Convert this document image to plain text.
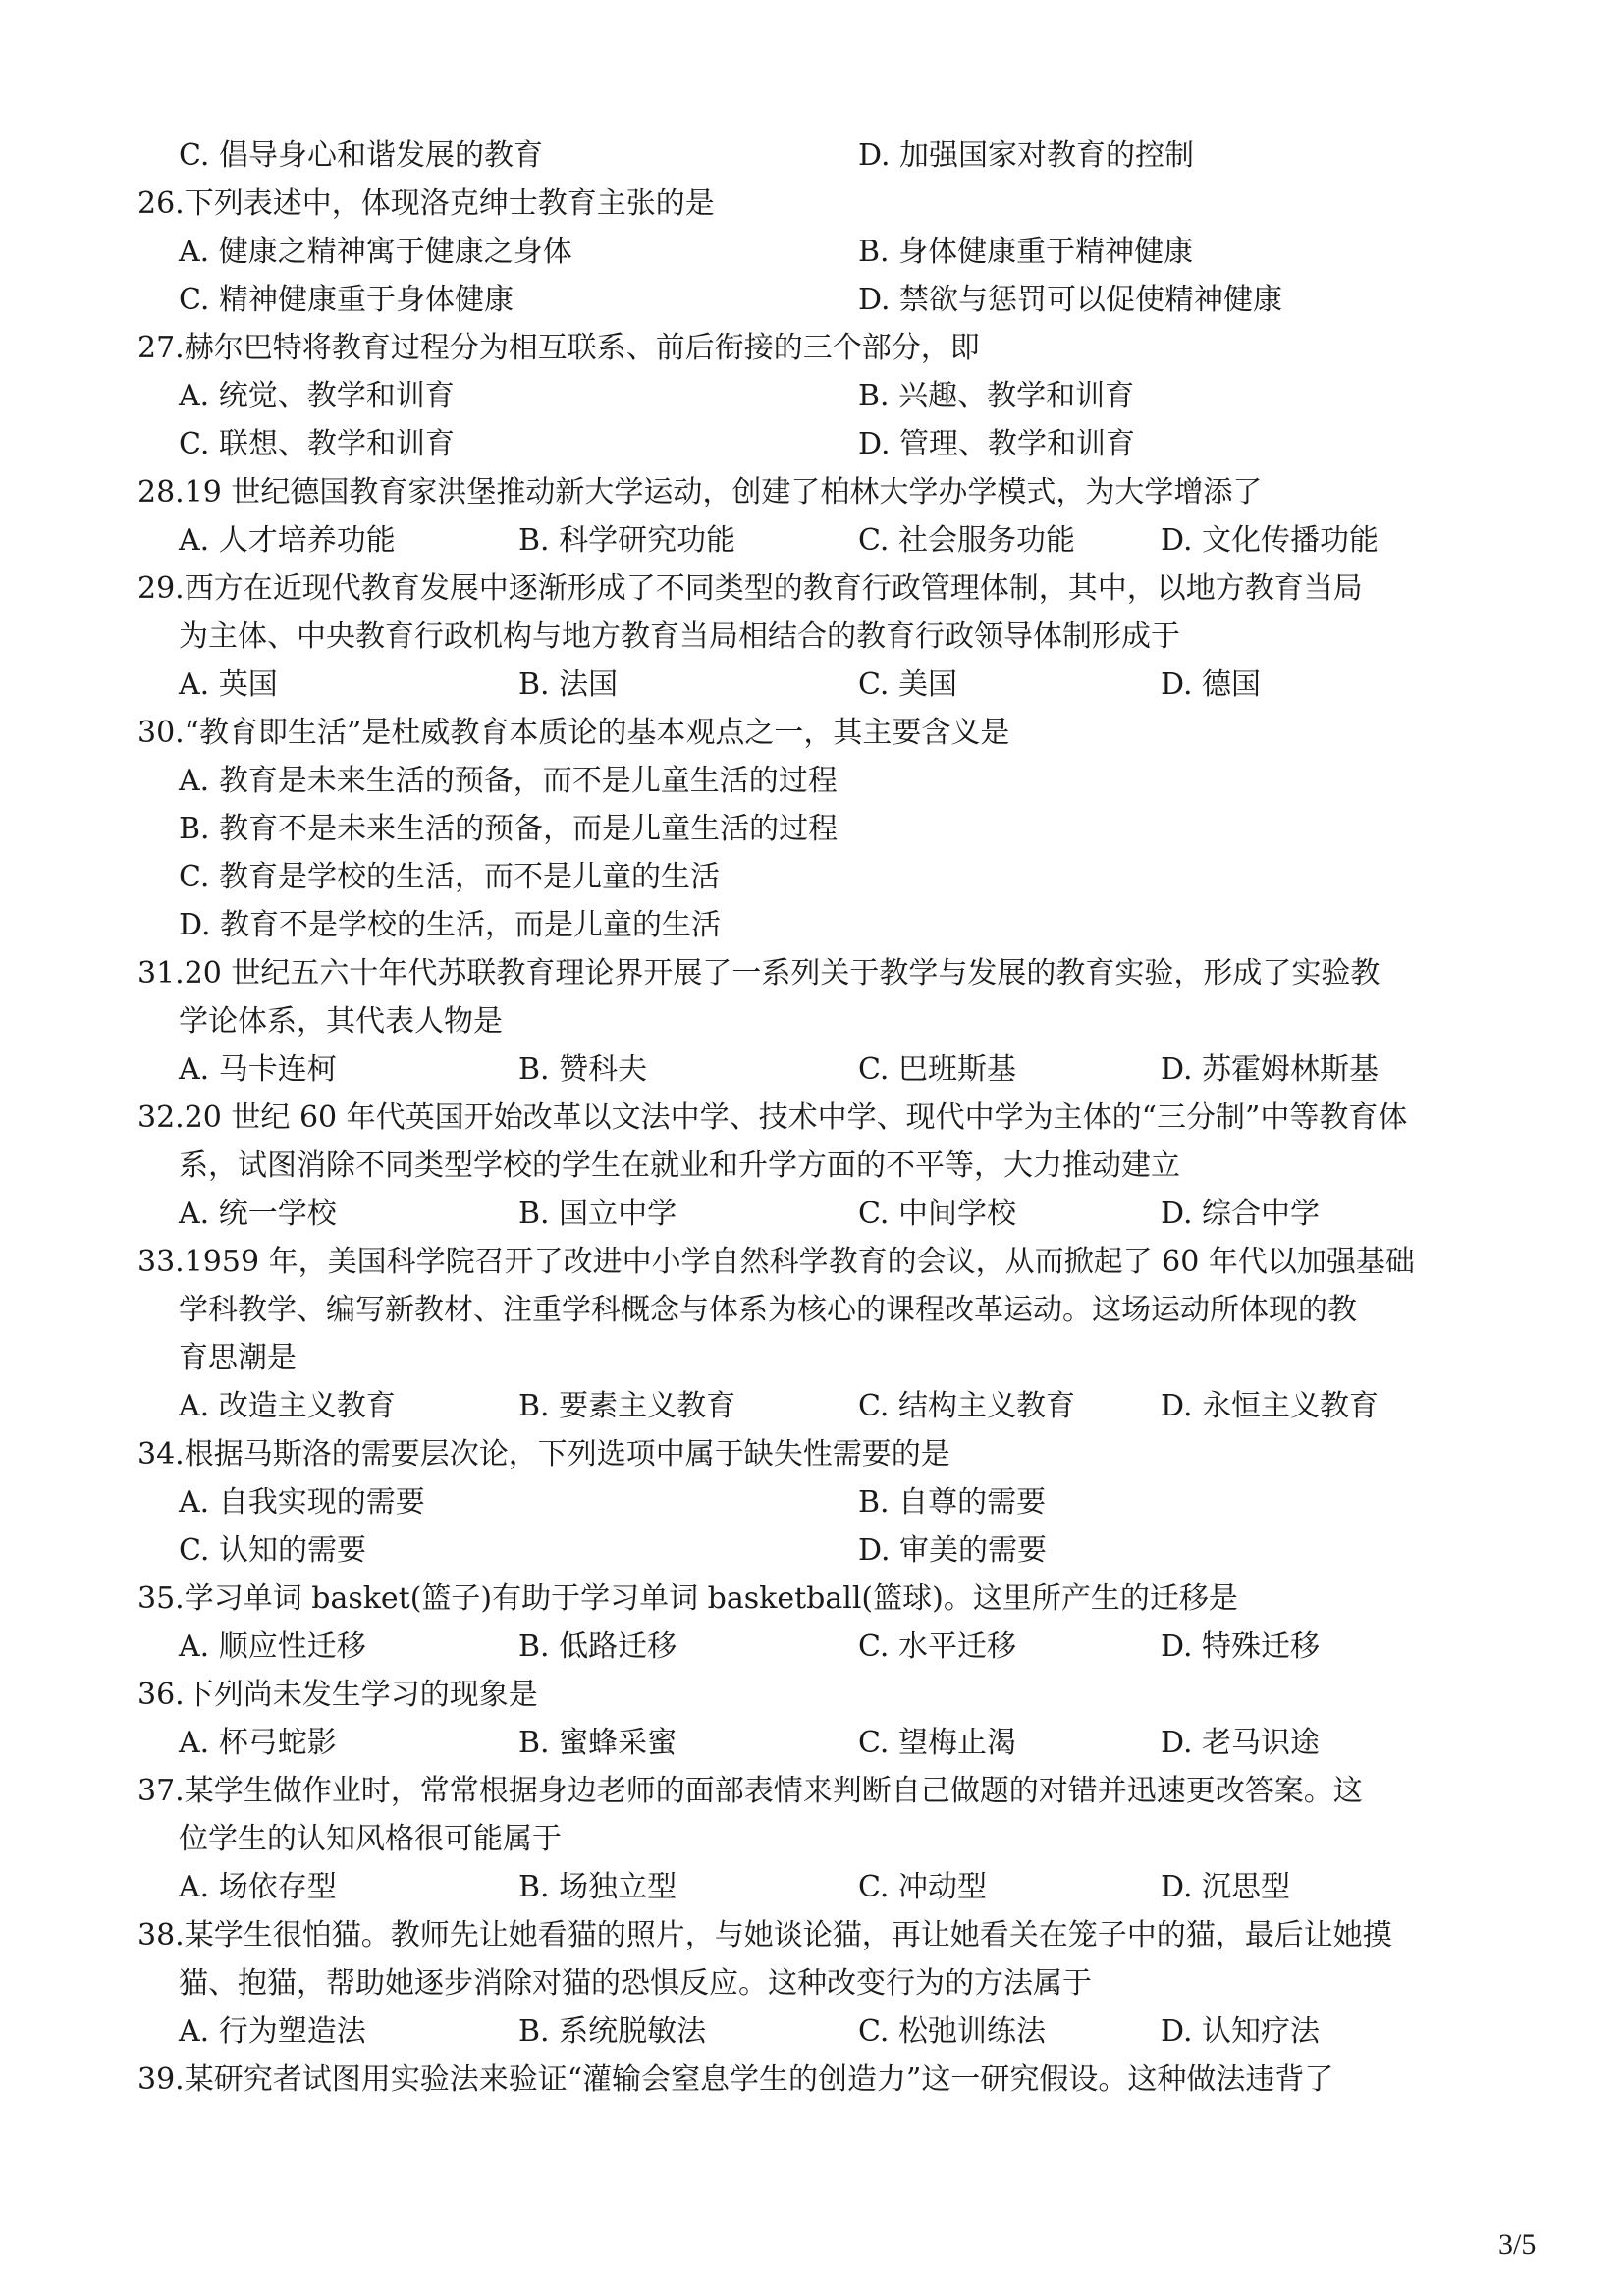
C. 倡导身心和谐发展的教育	D. 加强国家对教育的控制
26.下列表述中，体现洛克绅士教育主张的是
A. 健康之精神寓于健康之身体	B. 身体健康重于精神健康
C. 精神健康重于身体健康	D. 禁欲与惩罚可以促使精神健康
27.赫尔巴特将教育过程分为相互联系、前后衔接的三个部分，即
A. 统觉、教学和训育	B. 兴趣、教学和训育
C. 联想、教学和训育	D. 管理、教学和训育
28.19 世纪德国教育家洪堡推动新大学运动，创建了柏林大学办学模式，为大学增添了
A. 人才培养功能	B. 科学研究功能	C. 社会服务功能	D. 文化传播功能
29.西方在近现代教育发展中逐渐形成了不同类型的教育行政管理体制，其中，以地方教育当局
为主体、中央教育行政机构与地方教育当局相结合的教育行政领导体制形成于
A. 英国	B. 法国	C. 美国	D. 德国
30.“教育即生活”是杜威教育本质论的基本观点之一，其主要含义是
A. 教育是未来生活的预备，而不是儿童生活的过程
B. 教育不是未来生活的预备，而是儿童生活的过程
C. 教育是学校的生活，而不是儿童的生活
D. 教育不是学校的生活，而是儿童的生活
31.20 世纪五六十年代苏联教育理论界开展了一系列关于教学与发展的教育实验，形成了实验教
学论体系，其代表人物是
A. 马卡连柯	B. 赞科夫	C. 巴班斯基	D. 苏霍姆林斯基
32.20 世纪 60 年代英国开始改革以文法中学、技术中学、现代中学为主体的“三分制”中等教育体
系，试图消除不同类型学校的学生在就业和升学方面的不平等，大力推动建立
A. 统一学校	B. 国立中学	C. 中间学校	D. 综合中学
33.1959 年，美国科学院召开了改进中小学自然科学教育的会议，从而掀起了 60 年代以加强基础
学科教学、编写新教材、注重学科概念与体系为核心的课程改革运动。这场运动所体现的教
育思潮是
A. 改造主义教育	B. 要素主义教育	C. 结构主义教育	D. 永恒主义教育
34.根据马斯洛的需要层次论，下列选项中属于缺失性需要的是
A. 自我实现的需要	B. 自尊的需要
C. 认知的需要	D. 审美的需要
35.学习单词 basket(篮子)有助于学习单词 basketball(篮球)。这里所产生的迁移是
A. 顺应性迁移	B. 低路迁移	C. 水平迁移	D. 特殊迁移
36.下列尚未发生学习的现象是
A. 杯弓蛇影	B. 蜜蜂采蜜	C. 望梅止渴	D. 老马识途
37.某学生做作业时，常常根据身边老师的面部表情来判断自己做题的对错并迅速更改答案。这
位学生的认知风格很可能属于
A. 场依存型	B. 场独立型	C. 冲动型	D. 沉思型
38.某学生很怕猫。教师先让她看猫的照片，与她谈论猫，再让她看关在笼子中的猫，最后让她摸
猫、抱猫，帮助她逐步消除对猫的恐惧反应。这种改变行为的方法属于
A. 行为塑造法	B. 系统脱敏法	C. 松弛训练法	D. 认知疗法
39.某研究者试图用实验法来验证“灌输会窒息学生的创造力”这一研究假设。这种做法违背了
3/5
